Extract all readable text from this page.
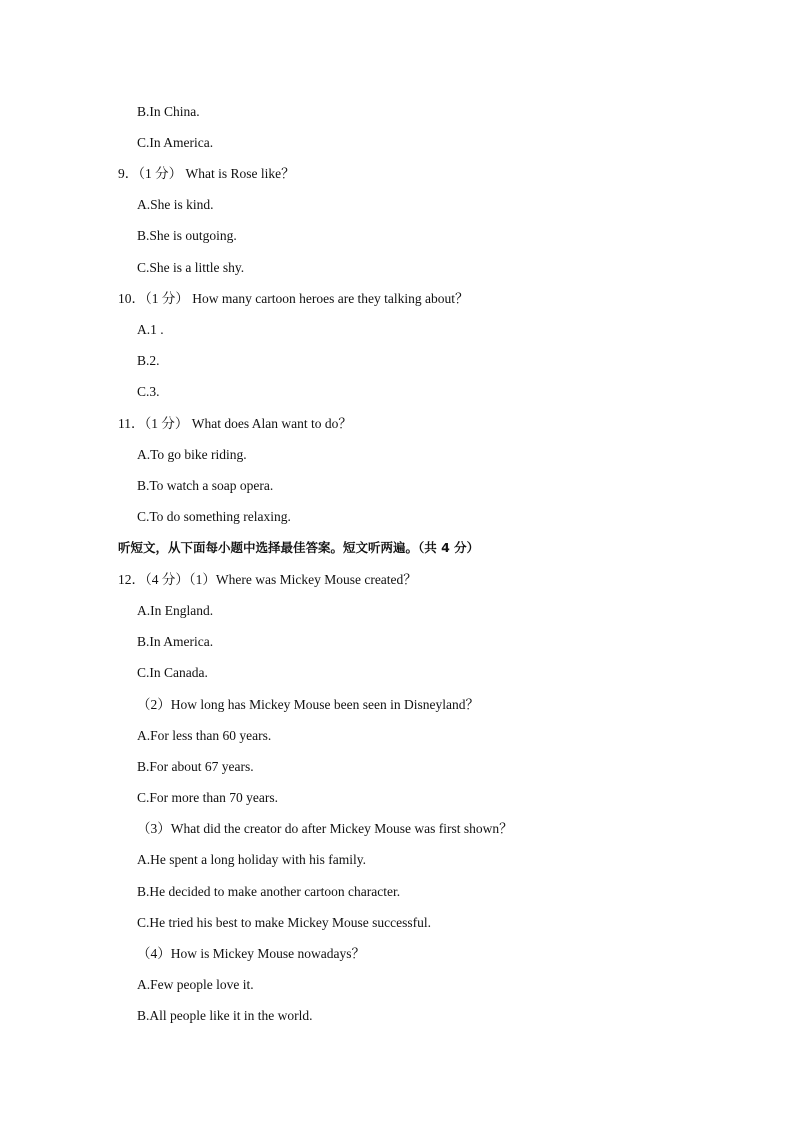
B.In China.
C.In America.
9．（1 分） What is Rose like？
A.She is kind.
B.She is outgoing.
C.She is a little shy.
10．（1 分） How many cartoon heroes are they talking about？
A.1 .
B.2.
C.3.
11．（1 分） What does Alan want to do？
A.To go bike riding.
B.To watch a soap opera.
C.To do something relaxing.
听短文，从下面每小题中选择最佳答案。短文听两遍。（共 4 分）
12．（4 分）（1）Where was Mickey Mouse created？
A.In England.
B.In America.
C.In Canada.
（2）How long has Mickey Mouse been seen in Disneyland？
A.For less than 60 years.
B.For about 67 years.
C.For more than 70 years.
（3）What did the creator do after Mickey Mouse was first shown？
A.He spent a long holiday with his family.
B.He decided to make another cartoon character.
C.He tried his best to make Mickey Mouse successful.
（4）How is Mickey Mouse nowadays？
A.Few people love it.
B.All people like it in the world.
